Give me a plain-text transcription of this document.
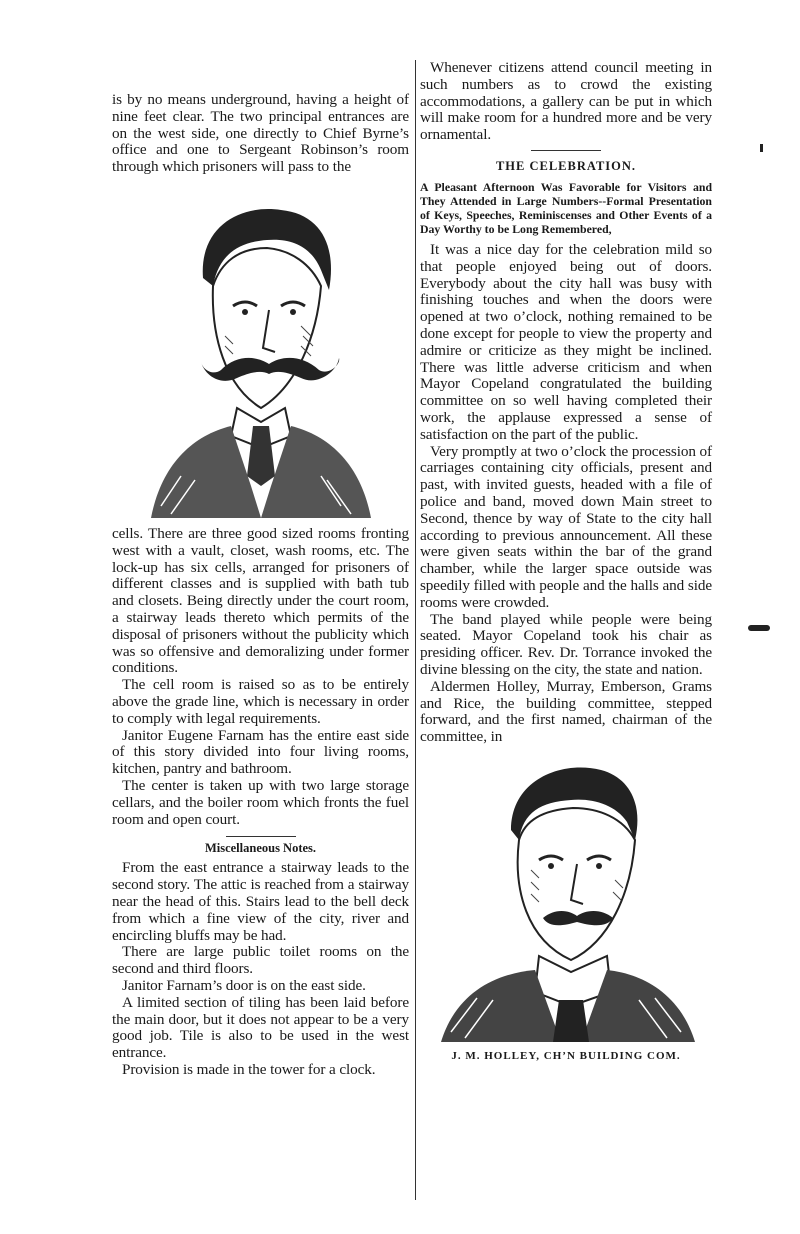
is by no means underground, having a height of nine feet clear. The two principal entrances are on the west side, one directly to Chief Byrne’s office and one to Sergeant Robinson’s room through which prisoners will pass to the

cells. There are three good sized rooms fronting west with a vault, closet, wash rooms, etc. The lock-up has six cells, arranged for prisoners of different classes and is supplied with bath tub and closets. Being directly under the court room, a stairway leads thereto which permits of the disposal of prisoners without the publicity which was so offensive and demoralizing under former conditions.

The cell room is raised so as to be entirely above the grade line, which is necessary in order to comply with legal requirements.

Janitor Eugene Farnam has the entire east side of this story divided into four living rooms, kitchen, pantry and bathroom.

The center is taken up with two large storage cellars, and the boiler room which fronts the fuel room and open court.

Miscellaneous Notes.

From the east entrance a stairway leads to the second story. The attic is reached from a stairway near the head of this. Stairs lead to the bell deck from which a fine view of the city, river and encircling bluffs may be had.

There are large public toilet rooms on the second and third floors.

Janitor Farnam’s door is on the east side.

A limited section of tiling has been laid before the main door, but it does not appear to be a very good job. Tile is also to be used in the west entrance.

Provision is made in the tower for a clock.

Whenever citizens attend council meeting in such numbers as to crowd the existing accommodations, a gallery can be put in which will make room for a hundred more and be very ornamental.

THE CELEBRATION.

A Pleasant Afternoon Was Favorable for Visitors and They Attended in Large Numbers--Formal Presentation of Keys, Speeches, Reminiscenses and Other Events of a Day Worthy to be Long Remembered,

It was a nice day for the celebration mild so that people enjoyed being out of doors. Everybody about the city hall was busy with finishing touches and when the doors were opened at two o’clock, nothing remained to be done except for people to view the property and admire or criticize as they might be inclined. There was little adverse criticism and when Mayor Copeland congratulated the building committee on so well having completed their work, the applause expressed a sense of satisfaction on the part of the public.

Very promptly at two o’clock the procession of carriages containing city officials, present and past, with invited guests, headed with a file of police and band, moved down Main street to Second, thence by way of State to the city hall according to previous announcement. All these were given seats within the bar of the grand chamber, while the larger space outside was speedily filled with people and the halls and side rooms were crowded.

The band played while people were being seated. Mayor Copeland took his chair as presiding officer. Rev. Dr. Torrance invoked the divine blessing on the city, the state and nation.

Aldermen Holley, Murray, Emberson, Grams and Rice, the building committee, stepped forward, and the first named, chairman of the committee, in

J. M. HOLLEY, CH’N BUILDING COM.
